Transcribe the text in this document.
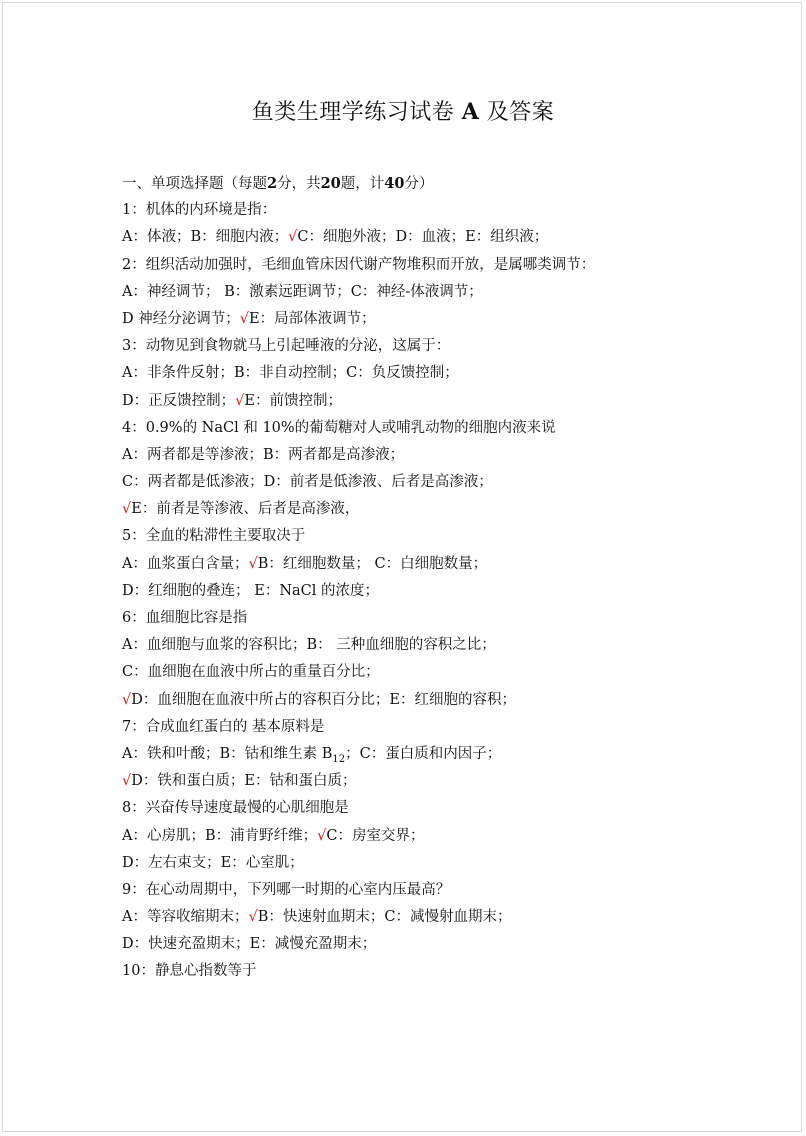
鱼类生理学练习试卷 A 及答案
一、单项选择题（每题2分，共20题，计40分）
1：机体的内环境是指：
A：体液；B：细胞内液；√C：细胞外液；D：血液；E：组织液；
2：组织活动加强时，毛细血管床因代谢产物堆积而开放，是属哪类调节：
A：神经调节； B：激素远距调节；C：神经-体液调节；
D 神经分泌调节；√E：局部体液调节；
3：动物见到食物就马上引起唾液的分泌，这属于：
A：非条件反射；B：非自动控制；C：负反馈控制；
D：正反馈控制；√E：前馈控制；
4：0.9%的 NaCl 和 10%的葡萄糖对人或哺乳动物的细胞内液来说
A：两者都是等渗液；B：两者都是高渗液；
C：两者都是低渗液；D：前者是低渗液、后者是高渗液；
√E：前者是等渗液、后者是高渗液，
5：全血的粘滞性主要取决于
A：血浆蛋白含量；√B：红细胞数量； C：白细胞数量；
D：红细胞的叠连； E：NaCl 的浓度；
6：血细胞比容是指
A：血细胞与血浆的容积比；B： 三种血细胞的容积之比；
C：血细胞在血液中所占的重量百分比；
√D：血细胞在血液中所占的容积百分比；E：红细胞的容积；
7：合成血红蛋白的 基本原料是
A：铁和叶酸；B：钴和维生素 $B_{12}$；C：蛋白质和内因子；
√D：铁和蛋白质；E：钴和蛋白质；
8：兴奋传导速度最慢的心肌细胞是
A：心房肌；B：浦肯野纤维；√C：房室交界；
D：左右束支；E：心室肌；
9：在心动周期中，下列哪一时期的心室内压最高？
A：等容收缩期末；√B：快速射血期末；C：减慢射血期末；
D：快速充盈期末；E：减慢充盈期末；
10：静息心指数等于
